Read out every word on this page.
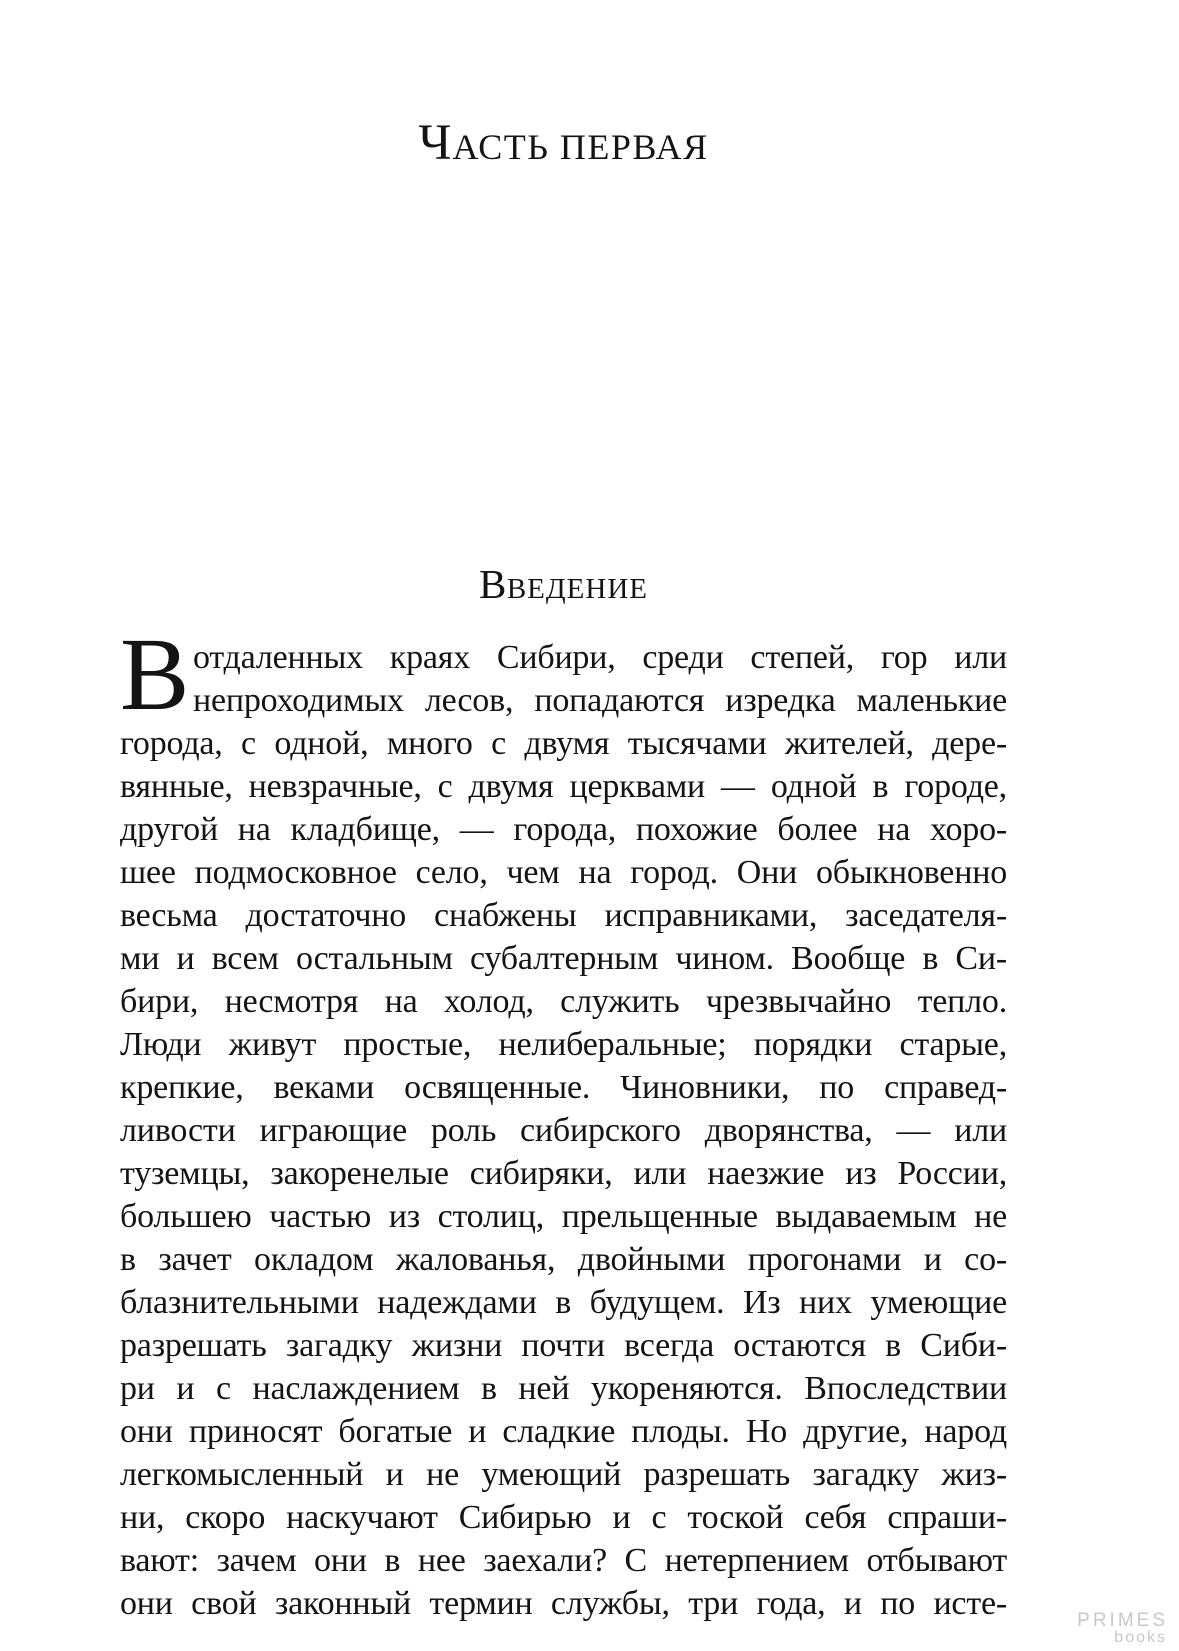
ЧАСТЬ ПЕРВАЯ
ВВЕДЕНИЕ
В отдаленных краях Сибири, среди степей, гор или
непроходимых лесов, попадаются изредка маленькие
города, с одной, много с двумя тысячами жителей, дере-
вянные, невзрачные, с двумя церквами — одной в городе,
другой на кладбище, — города, похожие более на хоро-
шее подмосковное село, чем на город. Они обыкновенно
весьма достаточно снабжены исправниками, заседателя-
ми и всем остальным субалтерным чином. Вообще в Си-
бири, несмотря на холод, служить чрезвычайно тепло.
Люди живут простые, нелиберальные; порядки старые,
крепкие, веками освященные. Чиновники, по справед-
ливости играющие роль сибирского дворянства, — или
туземцы, закоренелые сибиряки, или наезжие из России,
большею частью из столиц, прельщенные выдаваемым не
в зачет окладом жалованья, двойными прогонами и со-
блазнительными надеждами в будущем. Из них умеющие
разрешать загадку жизни почти всегда остаются в Сиби-
ри и с наслаждением в ней укореняются. Впоследствии
они приносят богатые и сладкие плоды. Но другие, народ
легкомысленный и не умеющий разрешать загадку жиз-
ни, скоро наскучают Сибирью и с тоской себя спраши-
вают: зачем они в нее заехали? С нетерпением отбывают
они свой законный термин службы, три года, и по исте-	PRIMES
books
